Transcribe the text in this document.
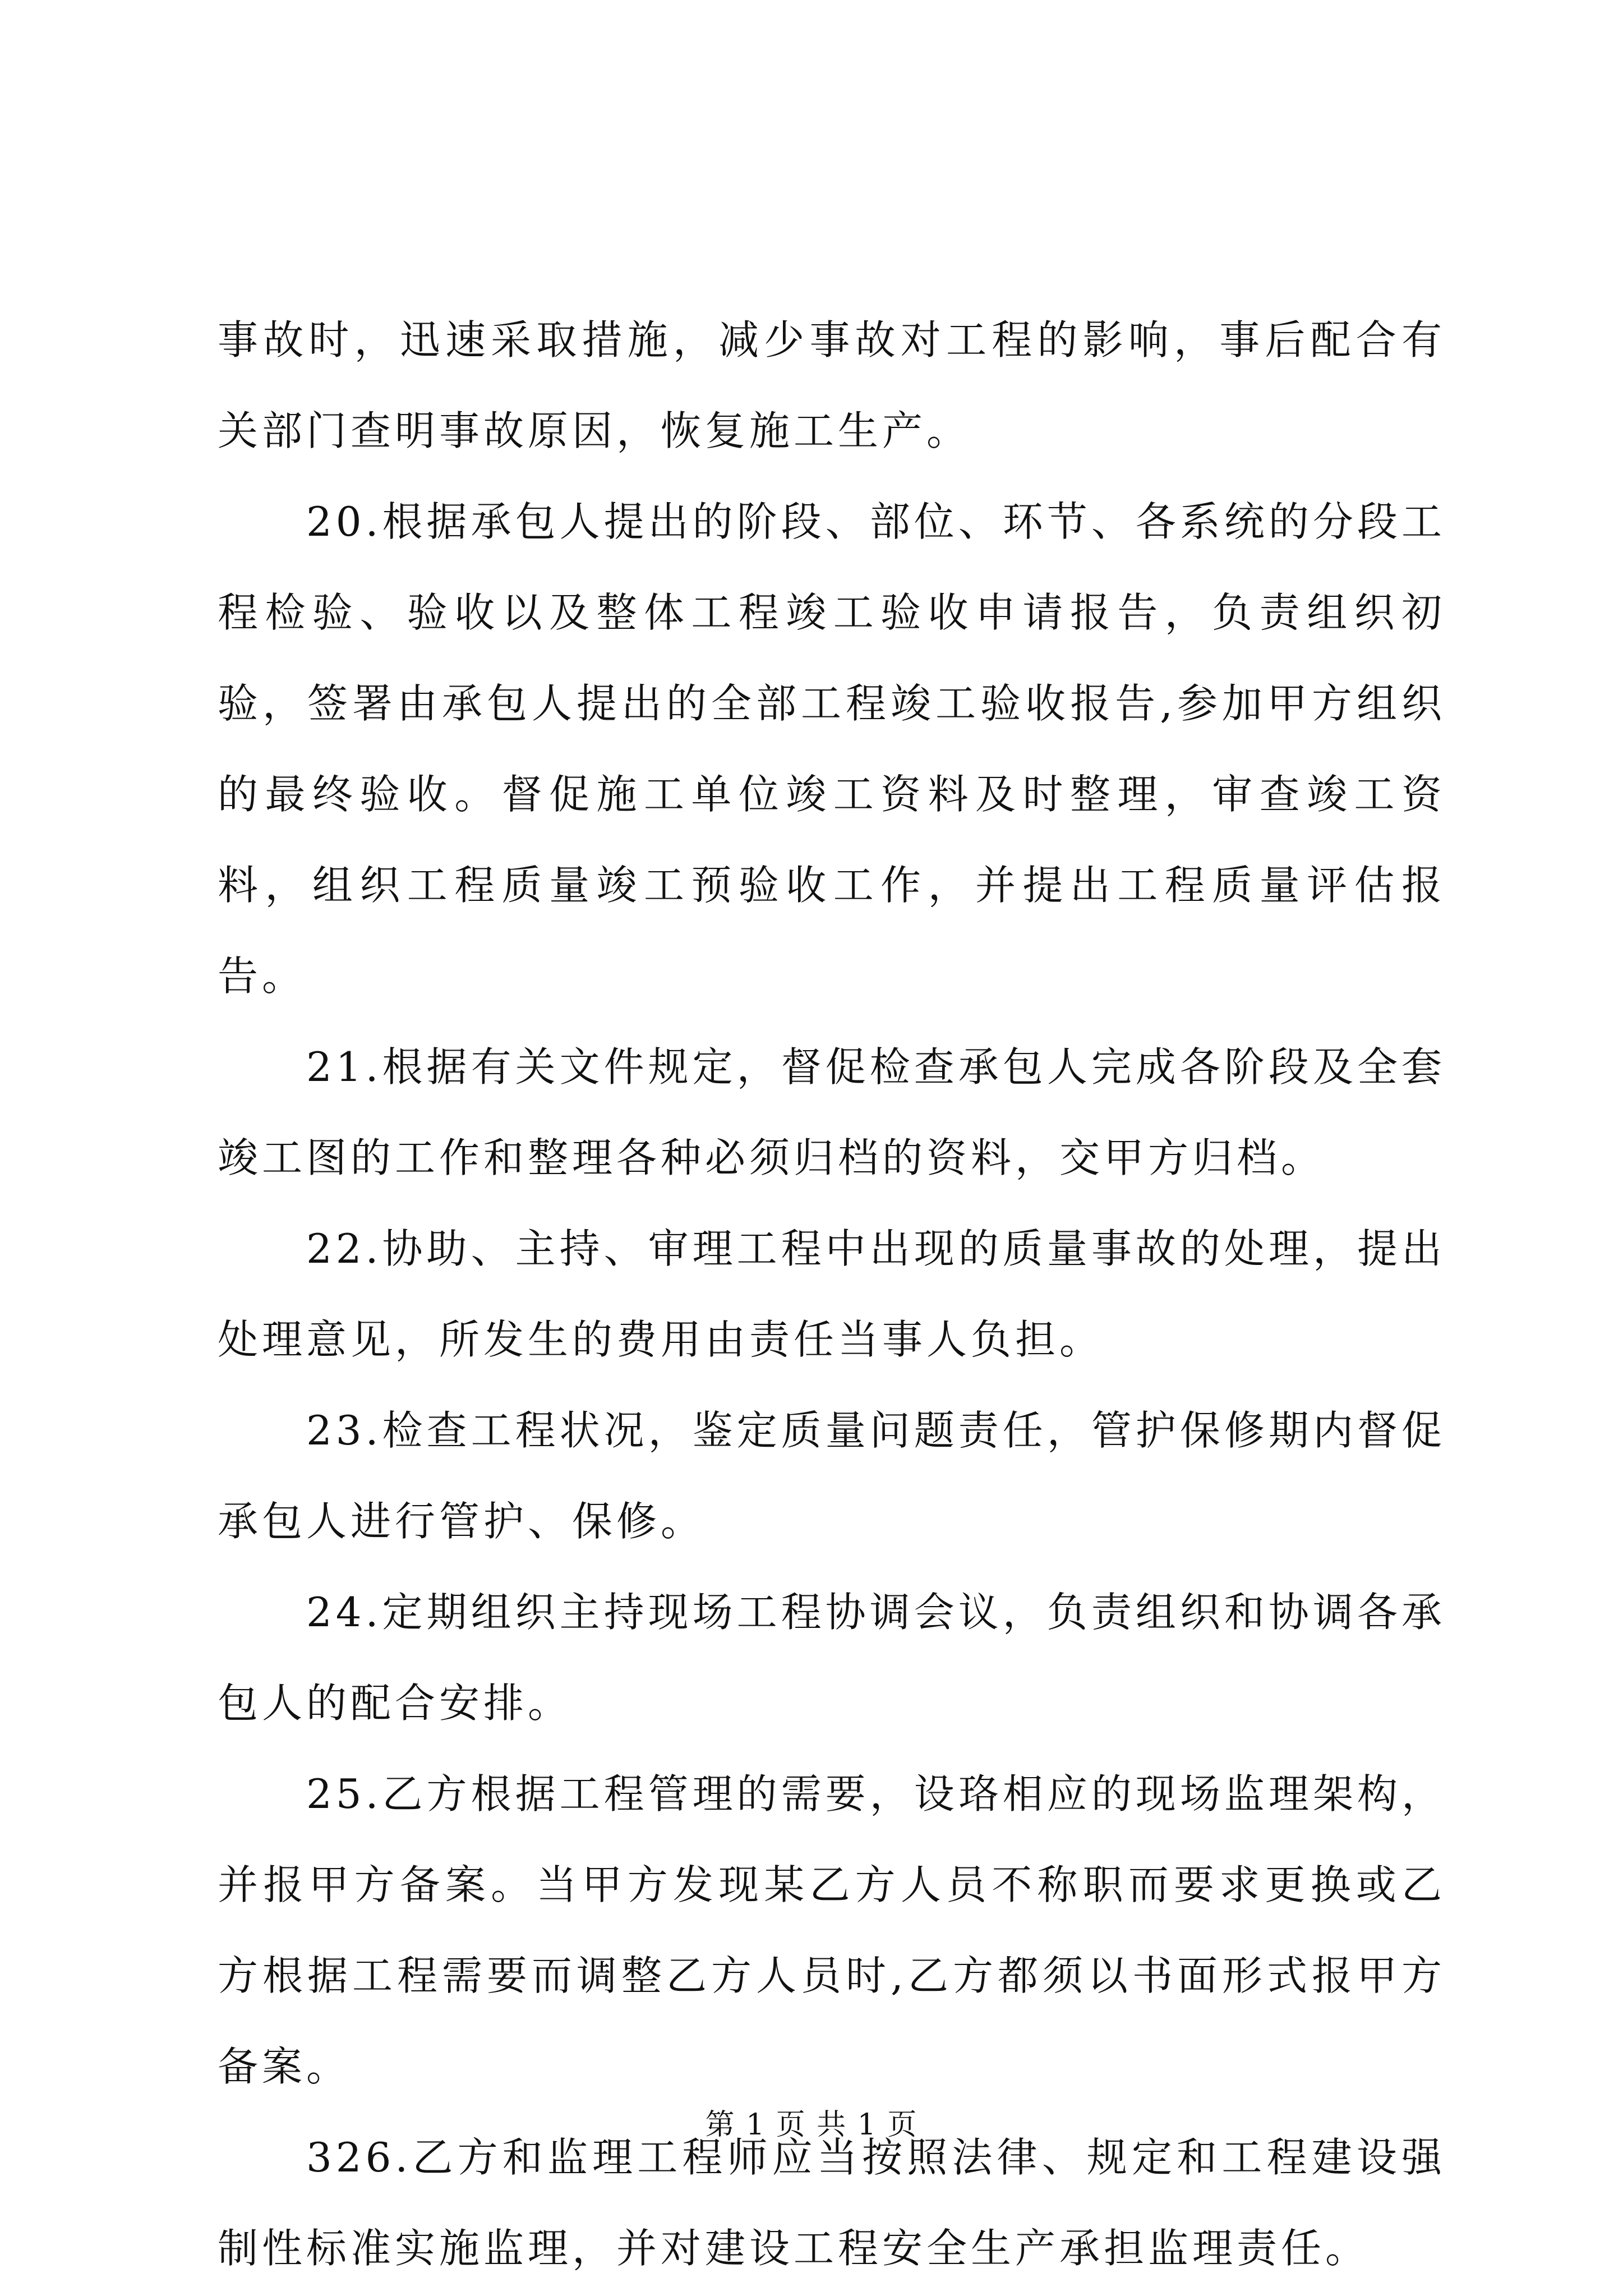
事故时，迅速采取措施，减少事故对工程的影响，事后配合有关部门查明事故原因，恢复施工生产。

20.根据承包人提出的阶段、部位、环节、各系统的分段工程检验、验收以及整体工程竣工验收申请报告，负责组织初验，签署由承包人提出的全部工程竣工验收报告,参加甲方组织的最终验收。督促施工单位竣工资料及时整理，审查竣工资料，组织工程质量竣工预验收工作，并提出工程质量评估报告。

21.根据有关文件规定，督促检查承包人完成各阶段及全套竣工图的工作和整理各种必须归档的资料，交甲方归档。

22.协助、主持、审理工程中出现的质量事故的处理，提出处理意见，所发生的费用由责任当事人负担。

23.检查工程状况，鉴定质量问题责任，管护保修期内督促承包人进行管护、保修。

24.定期组织主持现场工程协调会议，负责组织和协调各承包人的配合安排。

25.乙方根据工程管理的需要，设珞相应的现场监理架构，并报甲方备案。当甲方发现某乙方人员不称职而要求更换或乙方根据工程需要而调整乙方人员时,乙方都须以书面形式报甲方备案。

326.乙方和监理工程师应当按照法律、规定和工程建设强制性标准实施监理，并对建设工程安全生产承担监理责任。

第 1 页 共 1 页
